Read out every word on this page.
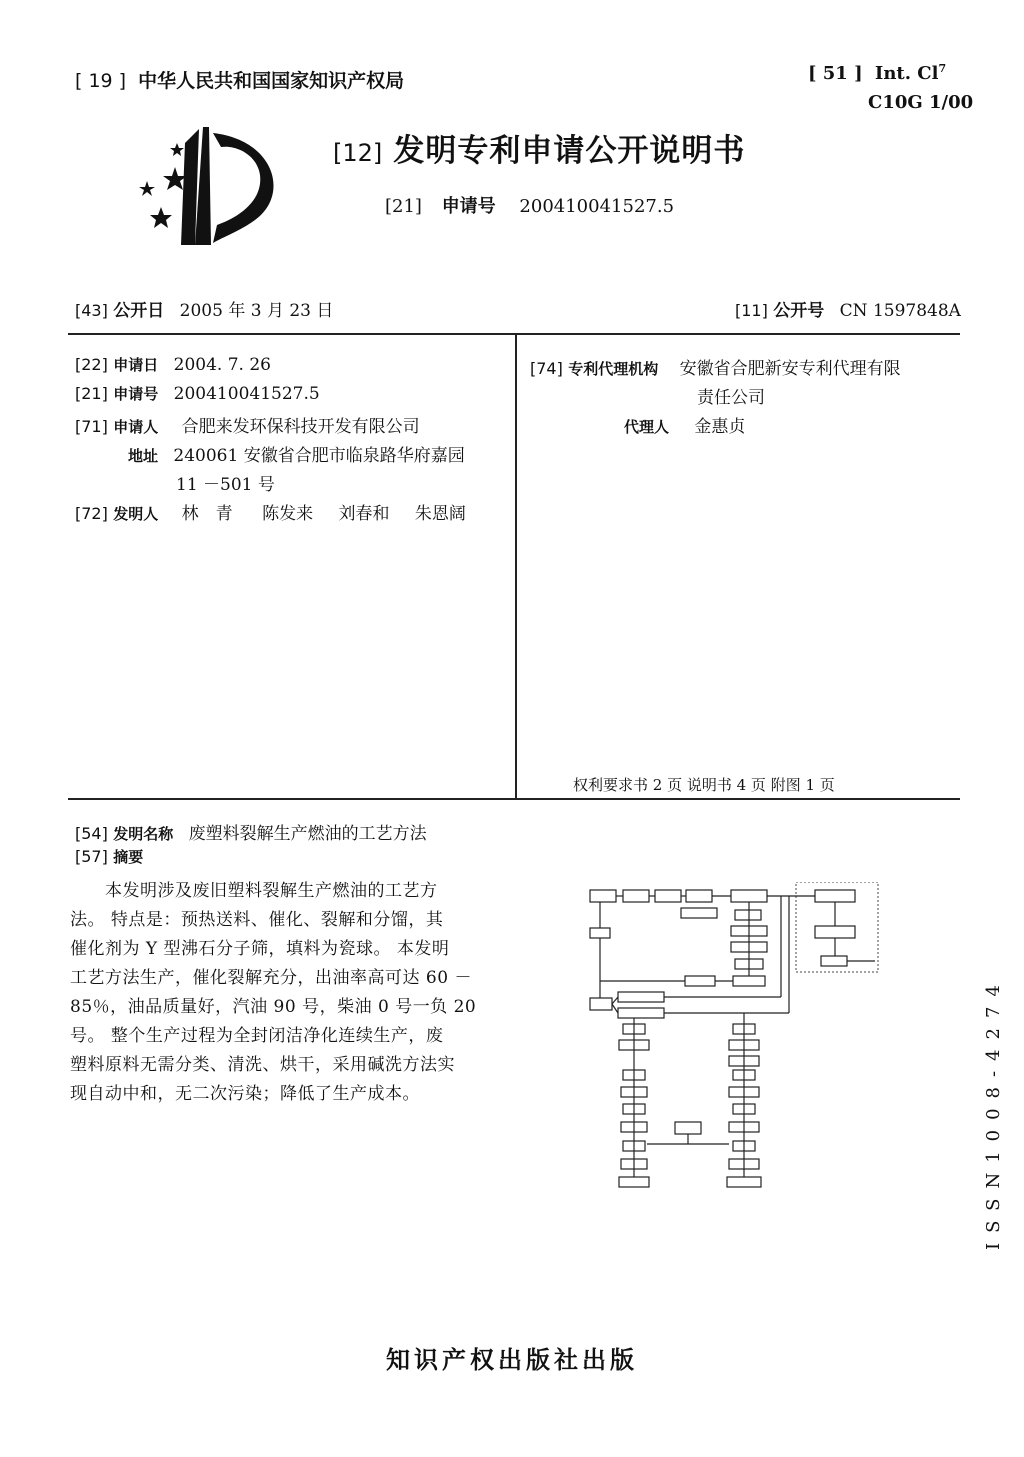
[ 19 ] 中华人民共和国国家知识产权局	[ 51 ] Int. Cl$^7$
C10G 1/00
[12] 发明专利申请公开说明书
[21] 申请号 200410041527.5
[43] 公开日 2005 年 3 月 23 日	[11] 公开号 CN 1597848A
[22] 申请日 2004. 7. 26
[21] 申请号 200410041527.5
[71] 申请人 合肥来发环保科技开发有限公司
地址 240061 安徽省合肥市临泉路华府嘉园
11 －501 号
[72] 发明人 林　青 陈发来 刘春和 朱恩阔
[74] 专利代理机构 安徽省合肥新安专利代理有限
责任公司
代理人 金惠贞
权利要求书 2 页 说明书 4 页 附图 1 页
[54] 发明名称 废塑料裂解生产燃油的工艺方法
[57] 摘要
　　本发明涉及废旧塑料裂解生产燃油的工艺方
法。 特点是：预热送料、催化、裂解和分馏，其
催化剂为 Y 型沸石分子筛，填料为瓷球。 本发明
工艺方法生产，催化裂解充分，出油率高可达 60 －
85％，油品质量好，汽油 90 号，柴油 0 号一负 20
号。 整个生产过程为全封闭洁净化连续生产，废
塑料原料无需分类、清洗、烘干，采用碱洗方法实
现自动中和，无二次污染；降低了生产成本。	ISSN1008-4274
知识产权出版社出版
